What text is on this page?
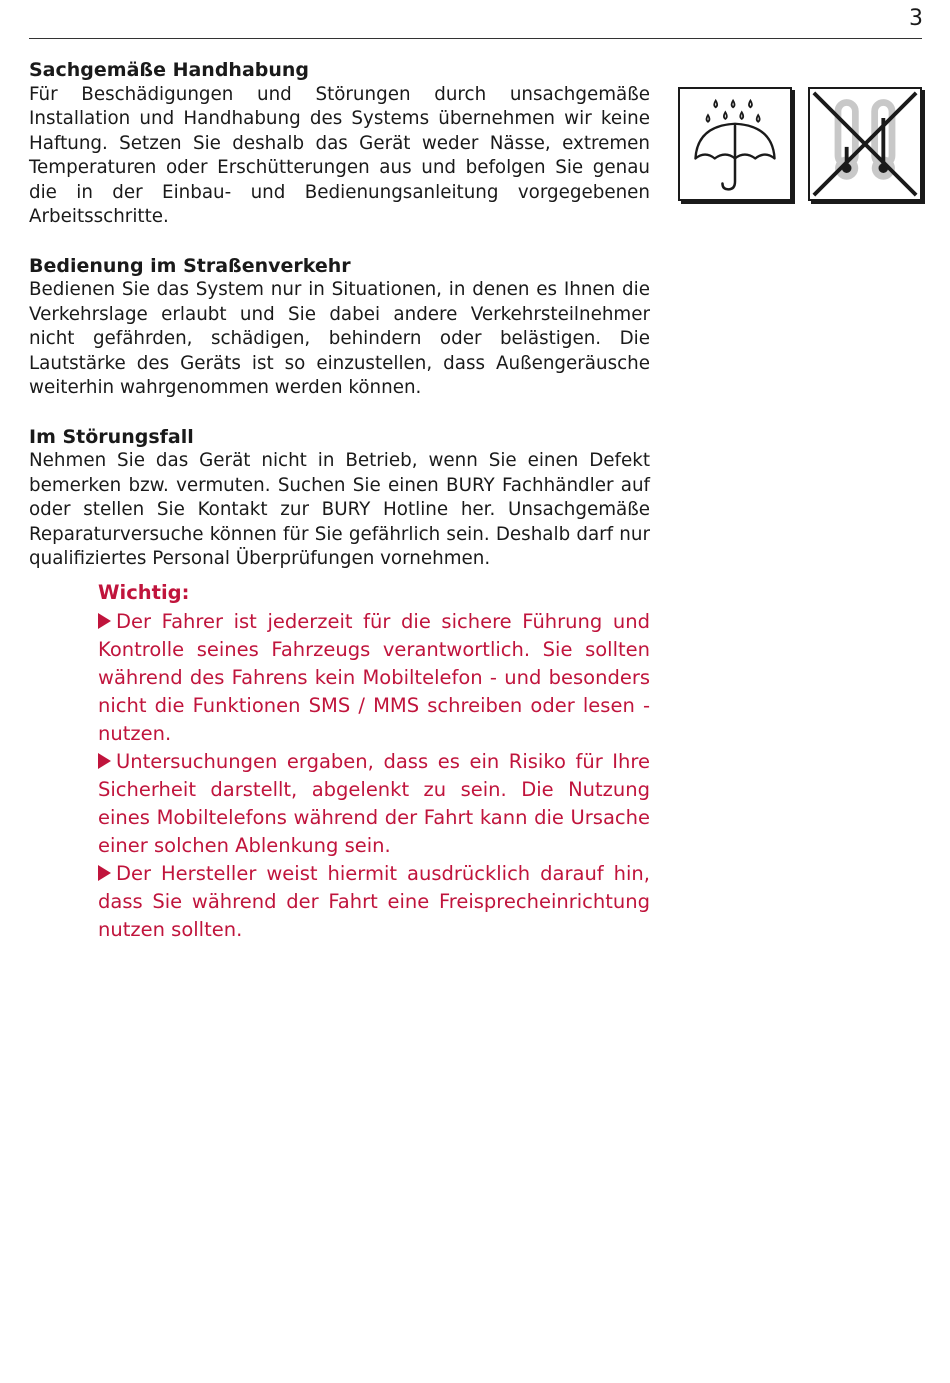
3
Sachgemäße Handhabung

Für Beschädigungen und Störungen durch unsachgemäße Installation und Handhabung des Systems übernehmen wir keine Haftung. Setzen Sie deshalb das Gerät weder Nässe, extremen Temperaturen oder Erschütterungen aus und befolgen Sie genau die in der Einbau- und Bedienungsanleitung vorgegebenen Arbeitsschritte.

Bedienung im Straßenverkehr

Bedienen Sie das System nur in Situationen, in denen es Ihnen die Verkehrslage erlaubt und Sie dabei andere Verkehrsteilnehmer nicht gefährden, schädigen, behindern oder belästigen. Die Lautstärke des Geräts ist so einzustellen, dass Außengeräusche weiterhin wahrgenommen werden können.

Im Störungsfall

Nehmen Sie das Gerät nicht in Betrieb, wenn Sie einen Defekt bemerken bzw. vermuten. Suchen Sie einen BURY Fachhändler auf oder stellen Sie Kontakt zur BURY Hotline her. Unsachgemäße Reparaturversuche können für Sie gefährlich sein. Deshalb darf nur qualifiziertes Personal Überprüfungen vornehmen.

Wichtig:

Der Fahrer ist jederzeit für die sichere Führung und Kontrolle seines Fahrzeugs verantwortlich. Sie sollten während des Fahrens kein Mobiltelefon - und besonders nicht die Funktionen SMS / MMS schreiben oder lesen - nutzen.

Untersuchungen ergaben, dass es ein Risiko für Ihre Sicherheit darstellt, abgelenkt zu sein. Die Nutzung eines Mobiltelefons während der Fahrt kann die Ursache einer solchen Ablenkung sein.

Der Hersteller weist hiermit ausdrücklich darauf hin, dass Sie während der Fahrt eine Freisprecheinrichtung nutzen sollten.
